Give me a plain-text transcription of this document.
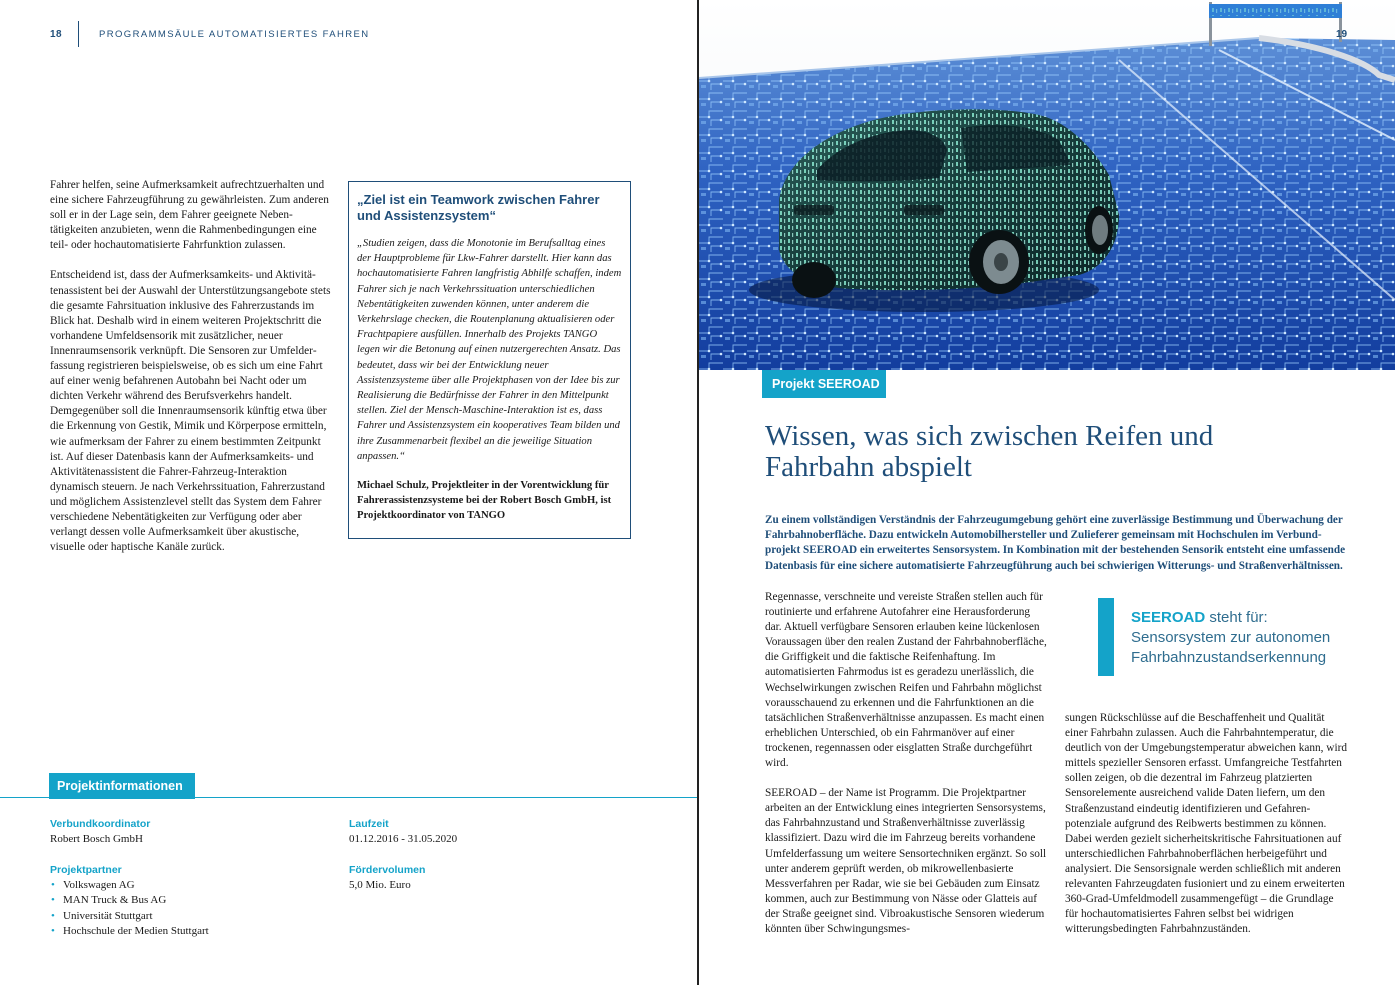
18	PROGRAMMSÄULE AUTOMATISIERTES FAHREN

Fahrer helfen, seine Aufmerksamkeit aufrechtzuerhalten und eine sichere Fahrzeugführung zu gewährleisten. Zum anderen soll er in der Lage sein, dem Fahrer geeignete Nebentätigkeiten anzubieten, wenn die Rahmenbedingungen eine teil- oder hochautomatisierte Fahrfunktion zulassen.

Entscheidend ist, dass der Aufmerksamkeits- und Aktivitätenassistent bei der Auswahl der Unterstützungsangebote stets die gesamte Fahrsituation inklusive des Fahrerzustands im Blick hat. Deshalb wird in einem weiteren Projektschritt die vorhandene Umfeldsensorik mit zusätzlicher, neuer Innenraumsensorik verknüpft. Die Sensoren zur Umfelderfassung registrieren beispielsweise, ob es sich um eine Fahrt auf einer wenig befahrenen Autobahn bei Nacht oder um dichten Verkehr während des Berufsverkehrs handelt. Demgegenüber soll die Innenraumsensorik künftig etwa über die Erkennung von Gestik, Mimik und Körperpose ermitteln, wie aufmerksam der Fahrer zu einem bestimmten Zeitpunkt ist. Auf dieser Datenbasis kann der Aufmerksamkeits- und Aktivitätenassistent die Fahrer-Fahrzeug-Interaktion dynamisch steuern. Je nach Verkehrssituation, Fahrerzustand und möglichem Assistenzlevel stellt das System dem Fahrer verschiedene Nebentätigkeiten zur Verfügung oder aber verlangt dessen volle Aufmerksamkeit über akustische, visuelle oder haptische Kanäle zurück.

„Ziel ist ein Teamwork zwischen Fahrer und Assistenzsystem“

„Studien zeigen, dass die Monotonie im Berufsalltag eines der Hauptprobleme für Lkw-Fahrer darstellt. Hier kann das hochautomatisierte Fahren langfristig Abhilfe schaffen, indem Fahrer sich je nach Verkehrssituation unterschiedlichen Nebentätigkeiten zuwenden können, unter anderem die Verkehrslage checken, die Routenplanung aktualisieren oder Frachtpapiere ausfüllen. Innerhalb des Projekts TANGO legen wir die Betonung auf einen nutzergerechten Ansatz. Das bedeutet, dass wir bei der Entwicklung neuer Assistenzsysteme über alle Projektphasen von der Idee bis zur Realisierung die Bedürfnisse der Fahrer in den Mittelpunkt stellen. Ziel der Mensch-Maschine-Interaktion ist es, dass Fahrer und Assistenzsystem ein kooperatives Team bilden und ihre Zusammenarbeit flexibel an die jeweilige Situation anpassen.“

Michael Schulz, Projektleiter in der Vorentwicklung für Fahrerassistenzsysteme bei der Robert Bosch GmbH, ist Projektkoordinator von TANGO

Projektinformationen
Verbundkoordinator
Robert Bosch GmbH
Projektpartner
• Volkswagen AG
• MAN Truck & Bus AG
• Universität Stuttgart
• Hochschule der Medien Stuttgart
Laufzeit
01.12.2016 - 31.05.2020
Fördervolumen
5,0 Mio. Euro
19
Projekt SEEROAD
Wissen, was sich zwischen Reifen und Fahrbahn abspielt

Zu einem vollständigen Verständnis der Fahrzeugumgebung gehört eine zuverlässige Bestimmung und Überwachung der Fahrbahnoberfläche. Dazu entwickeln Automobilhersteller und Zulieferer gemeinsam mit Hochschulen im Verbundprojekt SEEROAD ein erweitertes Sensorsystem. In Kombination mit der bestehenden Sensorik entsteht eine umfassende Datenbasis für eine sichere automatisierte Fahrzeugführung auch bei schwierigen Witterungs- und Straßenverhältnissen.

Regennasse, verschneite und vereiste Straßen stellen auch für routinierte und erfahrene Autofahrer eine Herausforderung dar. Aktuell verfügbare Sensoren erlauben keine lückenlosen Voraussagen über den realen Zustand der Fahrbahnoberfläche, die Griffigkeit und die faktische Reifenhaftung. Im automatisierten Fahrmodus ist es geradezu unerlässlich, die Wechselwirkungen zwischen Reifen und Fahrbahn möglichst vorausschauend zu erkennen und die Fahrfunktionen an die tatsächlichen Straßenverhältnisse anzupassen. Es macht einen erheblichen Unterschied, ob ein Fahrmanöver auf einer trockenen, regennassen oder eisglatten Straße durchgeführt wird.

SEEROAD – der Name ist Programm. Die Projektpartner arbeiten an der Entwicklung eines integrierten Sensorsystems, das Fahrbahnzustand und Straßenverhältnisse zuverlässig klassifiziert. Dazu wird die im Fahrzeug bereits vorhandene Umfelderfassung um weitere Sensortechniken ergänzt. So soll unter anderem geprüft werden, ob mikrowellenbasierte Messverfahren per Radar, wie sie bei Gebäuden zum Einsatz kommen, auch zur Bestimmung von Nässe oder Glatteis auf der Straße geeignet sind. Vibroakustische Sensoren wiederum könnten über Schwingungsmes-

SEEROAD steht für:
Sensorsystem zur autonomen
Fahrbahnzustandserkennung

sungen Rückschlüsse auf die Beschaffenheit und Qualität einer Fahrbahn zulassen. Auch die Fahrbahntemperatur, die deutlich von der Umgebungstemperatur abweichen kann, wird mittels spezieller Sensoren erfasst. Umfangreiche Testfahrten sollen zeigen, ob die dezentral im Fahrzeug platzierten Sensorelemente ausreichend valide Daten liefern, um den Straßenzustand eindeutig identifizieren und Gefahrenpotenziale aufgrund des Reibwerts bestimmen zu können. Dabei werden gezielt sicherheitskritische Fahrsituationen auf unterschiedlichen Fahrbahnoberflächen herbeigeführt und analysiert. Die Sensorsignale werden schließlich mit anderen relevanten Fahrzeugdaten fusioniert und zu einem erweiterten 360-Grad-Umfeldmodell zusammengefügt – die Grundlage für hochautomatisiertes Fahren selbst bei widrigen witterungsbedingten Fahrbahnzuständen.
